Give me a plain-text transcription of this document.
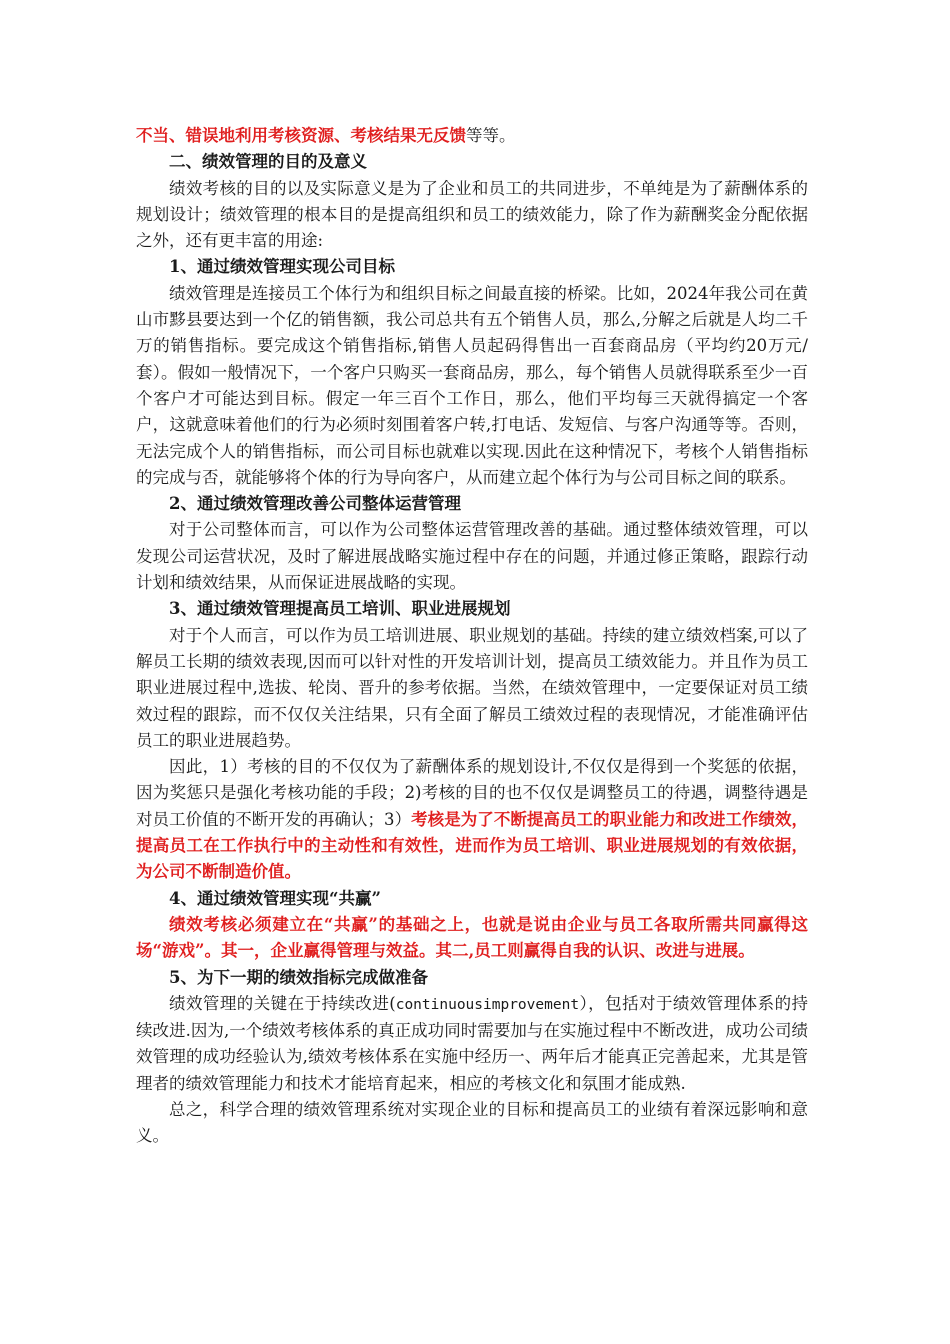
不当、错误地利用考核资源、考核结果无反馈等等。

二、绩效管理的目的及意义

绩效考核的目的以及实际意义是为了企业和员工的共同进步，不单纯是为了薪酬体系的规划设计；绩效管理的根本目的是提高组织和员工的绩效能力，除了作为薪酬奖金分配依据之外，还有更丰富的用途:

1、通过绩效管理实现公司目标

绩效管理是连接员工个体行为和组织目标之间最直接的桥梁。比如，2024年我公司在黄山市黟县要达到一个亿的销售额，我公司总共有五个销售人员，那么,分解之后就是人均二千万的销售指标。要完成这个销售指标,销售人员起码得售出一百套商品房（平均约20万元/套）。假如一般情况下，一个客户只购买一套商品房，那么，每个销售人员就得联系至少一百个客户才可能达到目标。假定一年三百个工作日，那么，他们平均每三天就得搞定一个客户，这就意味着他们的行为必须时刻围着客户转,打电话、发短信、与客户沟通等等。否则，无法完成个人的销售指标，而公司目标也就难以实现.因此在这种情况下，考核个人销售指标的完成与否，就能够将个体的行为导向客户，从而建立起个体行为与公司目标之间的联系。

2、通过绩效管理改善公司整体运营管理

对于公司整体而言，可以作为公司整体运营管理改善的基础。通过整体绩效管理，可以发现公司运营状况，及时了解进展战略实施过程中存在的问题，并通过修正策略，跟踪行动计划和绩效结果，从而保证进展战略的实现。

3、通过绩效管理提高员工培训、职业进展规划

对于个人而言，可以作为员工培训进展、职业规划的基础。持续的建立绩效档案,可以了解员工长期的绩效表现,因而可以针对性的开发培训计划，提高员工绩效能力。并且作为员工职业进展过程中,选拔、轮岗、晋升的参考依据。当然，在绩效管理中，一定要保证对员工绩效过程的跟踪，而不仅仅关注结果，只有全面了解员工绩效过程的表现情况，才能准确评估员工的职业进展趋势。

因此，1）考核的目的不仅仅为了薪酬体系的规划设计,不仅仅是得到一个奖惩的依据，因为奖惩只是强化考核功能的手段；2)考核的目的也不仅仅是调整员工的待遇，调整待遇是对员工价值的不断开发的再确认；3）考核是为了不断提高员工的职业能力和改进工作绩效，提高员工在工作执行中的主动性和有效性，进而作为员工培训、职业进展规划的有效依据，为公司不断制造价值。

4、通过绩效管理实现“共赢”

绩效考核必须建立在“共赢”的基础之上，也就是说由企业与员工各取所需共同赢得这场“游戏”。其一，企业赢得管理与效益。其二,员工则赢得自我的认识、改进与进展。

5、为下一期的绩效指标完成做准备

绩效管理的关键在于持续改进(continuousimprovement），包括对于绩效管理体系的持续改进.因为,一个绩效考核体系的真正成功同时需要加与在实施过程中不断改进，成功公司绩效管理的成功经验认为,绩效考核体系在实施中经历一、两年后才能真正完善起来，尤其是管理者的绩效管理能力和技术才能培育起来，相应的考核文化和氛围才能成熟.

总之，科学合理的绩效管理系统对实现企业的目标和提高员工的业绩有着深远影响和意义。
